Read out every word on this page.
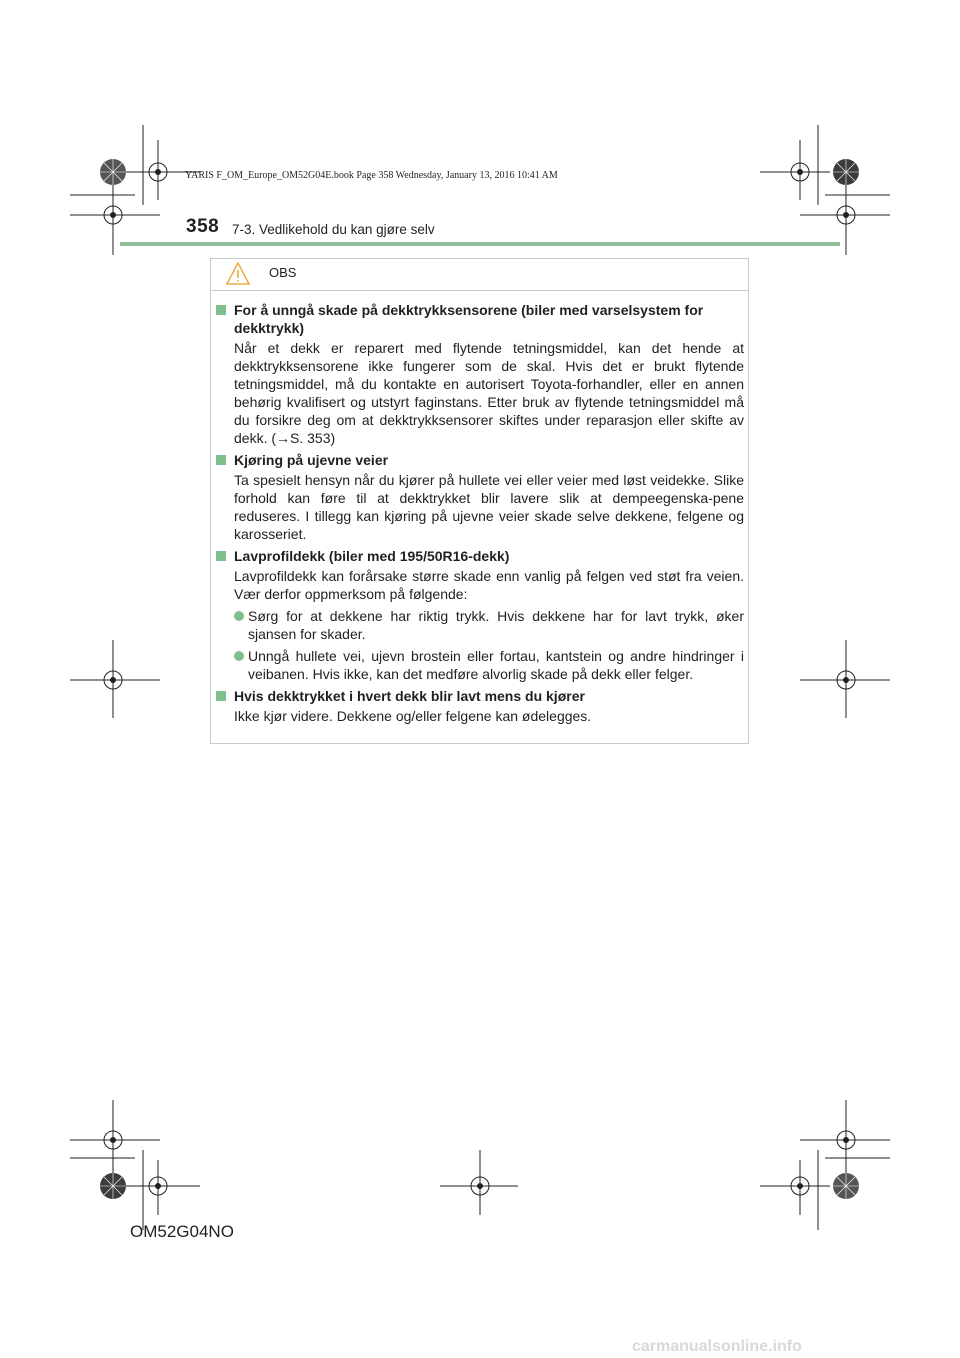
YARIS F_OM_Europe_OM52G04E.book Page 358 Wednesday, January 13, 2016 10:41 AM
358 7-3. Vedlikehold du kan gjøre selv
OBS
For å unngå skade på dekktrykksensorene (biler med varselsystem for dekktrykk)
Når et dekk er reparert med flytende tetningsmiddel, kan det hende at dekktrykksensorene ikke fungerer som de skal. Hvis det er brukt flytende tetningsmiddel, må du kontakte en autorisert Toyota-forhandler, eller en annen behørig kvalifisert og utstyrt faginstans. Etter bruk av flytende tetningsmiddel må du forsikre deg om at dekktrykksensorer skiftes under reparasjon eller skifte av dekk. (→S. 353)
Kjøring på ujevne veier
Ta spesielt hensyn når du kjører på hullete vei eller veier med løst veidekke. Slike forhold kan føre til at dekktrykket blir lavere slik at dempeegenska-pene reduseres. I tillegg kan kjøring på ujevne veier skade selve dekkene, felgene og karosseriet.
Lavprofildekk (biler med 195/50R16-dekk)
Lavprofildekk kan forårsake større skade enn vanlig på felgen ved støt fra veien. Vær derfor oppmerksom på følgende:
Sørg for at dekkene har riktig trykk. Hvis dekkene har for lavt trykk, øker sjansen for skader.
Unngå hullete vei, ujevn brostein eller fortau, kantstein og andre hindringer i veibanen. Hvis ikke, kan det medføre alvorlig skade på dekk eller felger.
Hvis dekktrykket i hvert dekk blir lavt mens du kjører
Ikke kjør videre. Dekkene og/eller felgene kan ødelegges.
OM52G04NO
carmanualsonline.info
